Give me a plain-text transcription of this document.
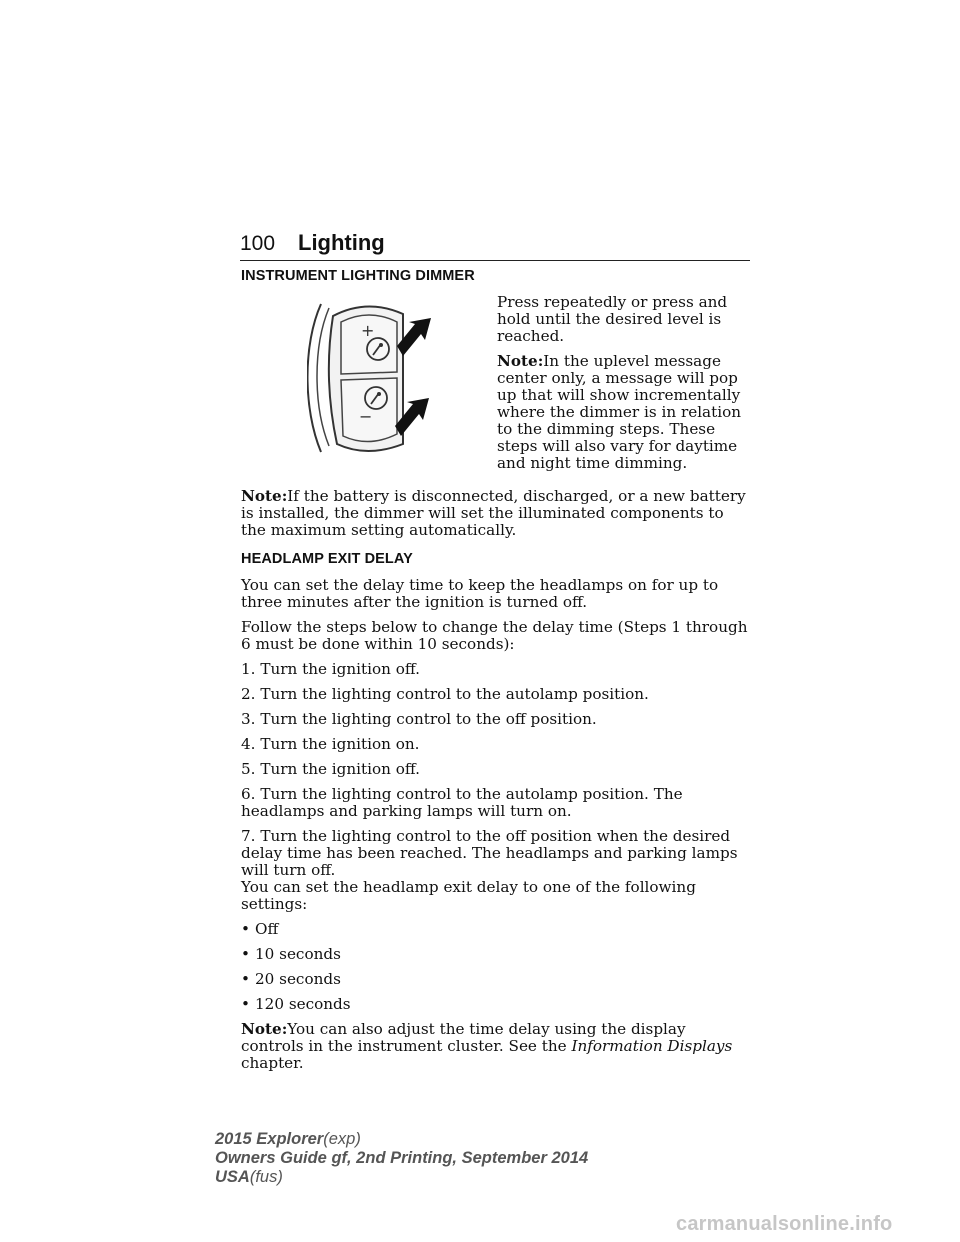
100 Lighting
INSTRUMENT LIGHTING DIMMER
+
−

Press repeatedly or press and hold until the desired level is reached.

Note:In the uplevel message center only, a message will pop up that will show incrementally where the dimmer is in relation to the dimming steps. These steps will also vary for daytime and night time dimming.

Note:If the battery is disconnected, discharged, or a new battery is installed, the dimmer will set the illuminated components to the maximum setting automatically.

HEADLAMP EXIT DELAY

You can set the delay time to keep the headlamps on for up to three minutes after the ignition is turned off.

Follow the steps below to change the delay time (Steps 1 through 6 must be done within 10 seconds):

1. Turn the ignition off.

2. Turn the lighting control to the autolamp position.

3. Turn the lighting control to the off position.

4. Turn the ignition on.

5. Turn the ignition off.

6. Turn the lighting control to the autolamp position. The headlamps and parking lamps will turn on.

7. Turn the lighting control to the off position when the desired delay time has been reached. The headlamps and parking lamps will turn off.

You can set the headlamp exit delay to one of the following settings:

• Off
• 10 seconds
• 20 seconds
• 120 seconds

Note:You can also adjust the time delay using the display controls in the instrument cluster. See the Information Displays chapter.

2015 Explorer(exp)
Owners Guide gf, 2nd Printing, September 2014
USA(fus)
carmanualsonline.info
